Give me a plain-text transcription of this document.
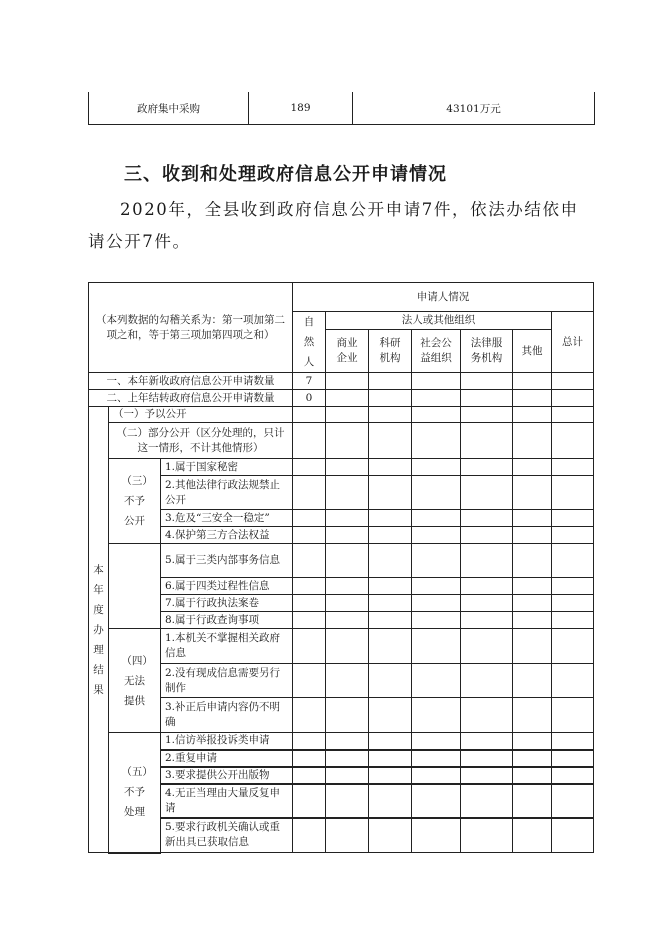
政府集中采购	189	43101万元
三、收到和处理政府信息公开申请情况

2020年，全县收到政府信息公开申请7件，依法办结依申请公开7件。

（本列数据的勾稽关系为：第一项加第二项之和，等于第三项加第四项之和）			申请人情况						
			自然人	法人或其他组织					总计
				商业企业	科研机构	社会公益组织	法律服务机构	其他	

一、本年新收政府信息公开申请数量			7						
二、上年结转政府信息公开申请数量			0						
本年度办理结果	（一）予以公开								
	（二）部分公开（区分处理的，只计这一情形，不计其他情形）								
	（三）不予公开	1.属于国家秘密							
		2.其他法律行政法规禁止公开							
		3.危及“三安全一稳定”							
		4.保护第三方合法权益							
		5.属于三类内部事务信息							
		6.属于四类过程性信息							
		7.属于行政执法案卷							
		8.属于行政查询事项							
	（四）无法提供	1.本机关不掌握相关政府信息							
		2.没有现成信息需要另行制作							
		3.补正后申请内容仍不明确							
	（五）不予处理	1.信访举报投诉类申请							
		2.重复申请							
		3.要求提供公开出版物							
		4.无正当理由大量反复申请							
		5.要求行政机关确认或重新出具已获取信息							
